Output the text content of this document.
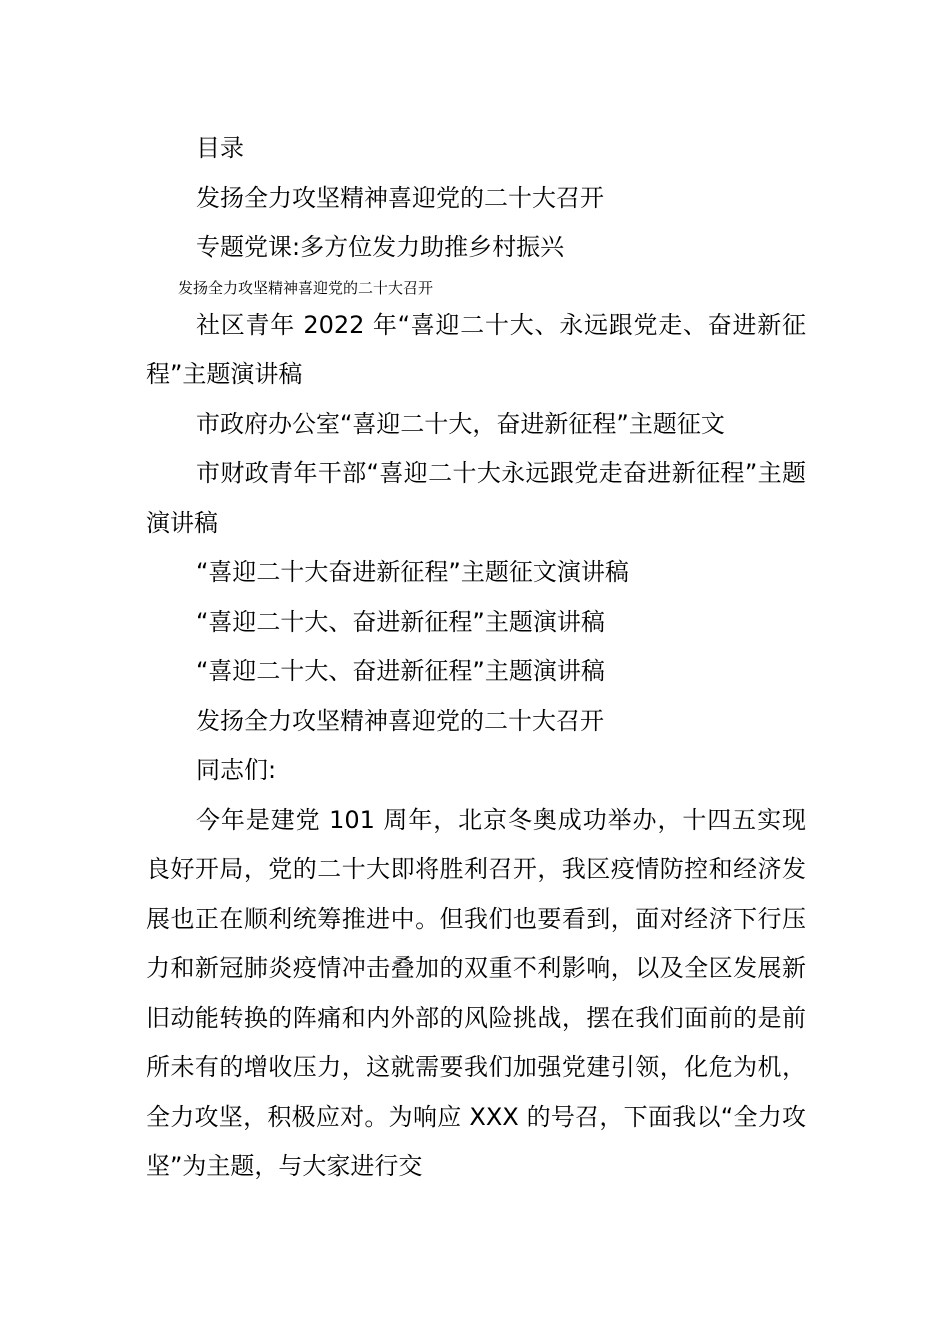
目录

发扬全力攻坚精神喜迎党的二十大召开

专题党课:多方位发力助推乡村振兴

发扬全力攻坚精神喜迎党的二十大召开

社区青年 2022 年“喜迎二十大、永远跟党走、奋进新征程”主题演讲稿

市政府办公室“喜迎二十大，奋进新征程”主题征文

市财政青年干部“喜迎二十大永远跟党走奋进新征程”主题演讲稿

“喜迎二十大奋进新征程”主题征文演讲稿

“喜迎二十大、奋进新征程”主题演讲稿

“喜迎二十大、奋进新征程”主题演讲稿

发扬全力攻坚精神喜迎党的二十大召开

同志们:

今年是建党 101 周年，北京冬奥成功举办，十四五实现良好开局，党的二十大即将胜利召开，我区疫情防控和经济发展也正在顺利统筹推进中。但我们也要看到，面对经济下行压力和新冠肺炎疫情冲击叠加的双重不利影响，以及全区发展新旧动能转换的阵痛和内外部的风险挑战，摆在我们面前的是前所未有的增收压力，这就需要我们加强党建引领，化危为机，全力攻坚，积极应对。为响应 XXX 的号召，下面我以“全力攻坚”为主题，与大家进行交
